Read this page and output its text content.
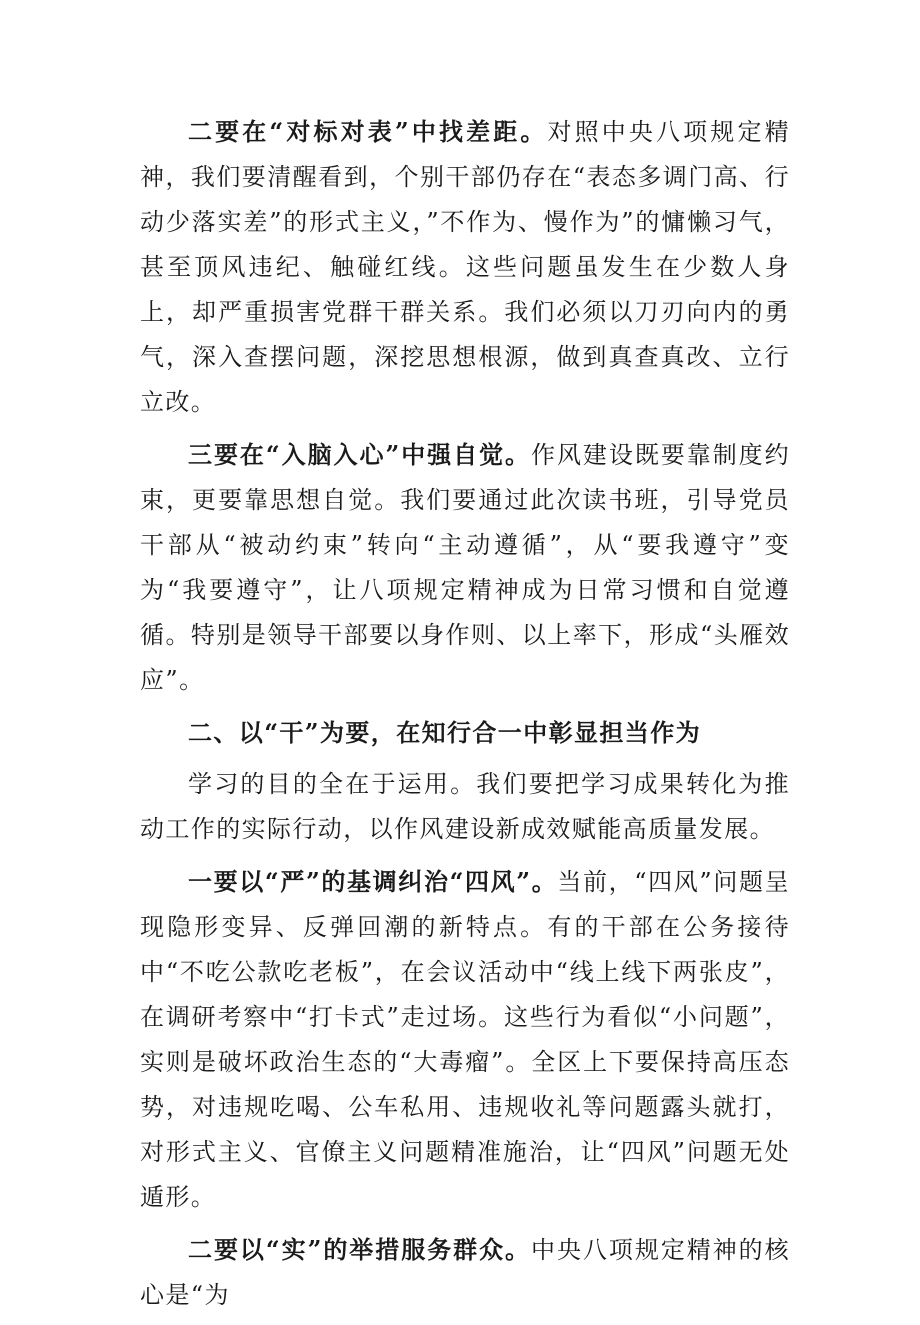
二要在“对标对表”中找差距。对照中央八项规定精神，我们要清醒看到，个别干部仍存在“表态多调门高、行动少落实差”的形式主义，”不作为、慢作为”的慵懒习气，甚至顶风违纪、触碰红线。这些问题虽发生在少数人身上，却严重损害党群干群关系。我们必须以刀刃向内的勇气，深入查摆问题，深挖思想根源，做到真查真改、立行立改。

三要在“入脑入心”中强自觉。作风建设既要靠制度约束，更要靠思想自觉。我们要通过此次读书班，引导党员干部从“被动约束”转向“主动遵循”，从“要我遵守”变为“我要遵守”，让八项规定精神成为日常习惯和自觉遵循。特别是领导干部要以身作则、以上率下，形成“头雁效应”。

二、以“干”为要，在知行合一中彰显担当作为

学习的目的全在于运用。我们要把学习成果转化为推动工作的实际行动，以作风建设新成效赋能高质量发展。

一要以“严”的基调纠治“四风”。当前，“四风”问题呈现隐形变异、反弹回潮的新特点。有的干部在公务接待中“不吃公款吃老板”，在会议活动中“线上线下两张皮”，在调研考察中“打卡式”走过场。这些行为看似“小问题”，实则是破坏政治生态的“大毒瘤”。全区上下要保持高压态势，对违规吃喝、公车私用、违规收礼等问题露头就打，对形式主义、官僚主义问题精准施治，让“四风”问题无处遁形。

二要以“实”的举措服务群众。中央八项规定精神的核心是“为
